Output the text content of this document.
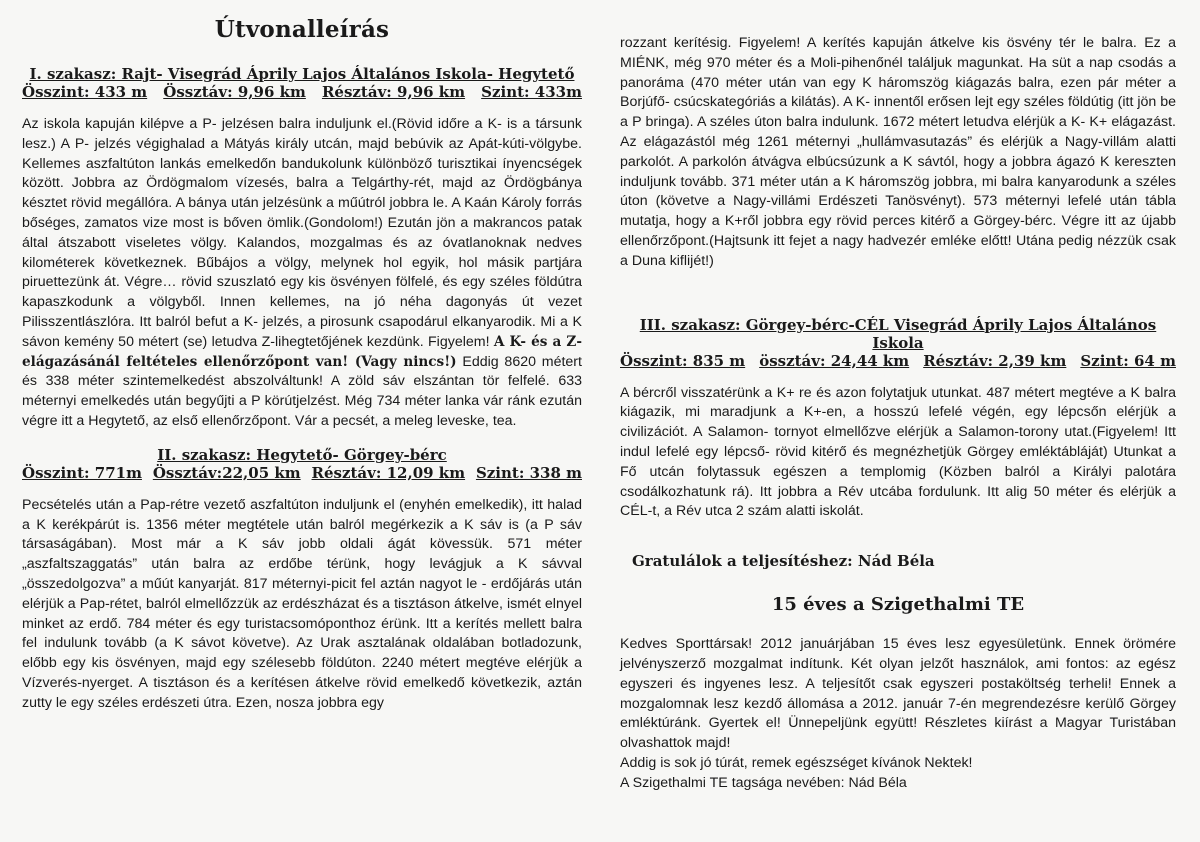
Útvonalleírás
I. szakasz: Rajt- Visegrád Áprily Lajos Általános Iskola- Hegytető
Összint: 433 m Össztáv: 9,96 km Résztáv: 9,96 km Szint: 433m

Az iskola kapuján kilépve a P- jelzésen balra induljunk el.(Rövid időre a K- is a társunk lesz.) A P- jelzés végighalad a Mátyás király utcán, majd bebúvik az Apát-kúti-völgybe. Kellemes aszfaltúton lankás emelkedőn bandukolunk különböző turisztikai ínyencségek között. Jobbra az Ördögmalom vízesés, balra a Telgárthy-rét, majd az Ördögbánya késztet rövid megállóra. A bánya után jelzésünk a műútról jobbra le. A Kaán Károly forrás bőséges, zamatos vize most is bőven ömlik.(Gondolom!) Ezután jön a makrancos patak által átszabott viseletes völgy. Kalandos, mozgalmas és az óvatlanoknak nedves kilométerek következnek. Bűbájos a völgy, melynek hol egyik, hol másik partjára piruettezünk át. Végre… rövid szuszlató egy kis ösvényen fölfelé, és egy széles földútra kapaszkodunk a völgyből. Innen kellemes, na jó néha dagonyás út vezet Pilisszentlászlóra. Itt balról befut a K- jelzés, a pirosunk csapodárul elkanyarodik. Mi a K sávon kemény 50 métert (se) letudva Z-lihegtetőjének kezdünk. Figyelem! A K- és a Z- elágazásánál feltételes ellenőrzőpont van! (Vagy nincs!) Eddig 8620 métert és 338 méter szintemelkedést abszolváltunk! A zöld sáv elszántan tör felfelé. 633 méternyi emelkedés után begyűjti a P körútjelzést. Még 734 méter lanka vár ránk ezután végre itt a Hegytető, az első ellenőrzőpont. Vár a pecsét, a meleg leveske, tea.

II. szakasz: Hegytető- Görgey-bérc
Összint: 771m Össztáv:22,05 km Résztáv: 12,09 km Szint: 338 m

Pecsételés után a Pap-rétre vezető aszfaltúton induljunk el (enyhén emelkedik), itt halad a K kerékpárút is. 1356 méter megtétele után balról megérkezik a K sáv is (a P sáv társaságában). Most már a K sáv jobb oldali ágát kövessük. 571 méter „aszfaltszaggatás” után balra az erdőbe térünk, hogy levágjuk a K sávval „összedolgozva” a műút kanyarját. 817 méternyi-picit fel aztán nagyot le - erdőjárás után elérjük a Pap-rétet, balról elmellőzzük az erdészházat és a tisztáson átkelve, ismét elnyel minket az erdő. 784 méter és egy turistacsomóponthoz érünk. Itt a kerítés mellett balra fel indulunk tovább (a K sávot követve). Az Urak asztalának oldalában botladozunk, előbb egy kis ösvényen, majd egy szélesebb földúton. 2240 métert megtéve elérjük a Vízverés-nyerget. A tisztáson és a kerítésen átkelve rövid emelkedő következik, aztán zutty le egy széles erdészeti útra. Ezen, nosza jobbra egy

rozzant kerítésig. Figyelem! A kerítés kapuján átkelve kis ösvény tér le balra. Ez a MIÉNK, még 970 méter és a Moli-pihenőnél találjuk magunkat. Ha süt a nap csodás a panoráma (470 méter után van egy K háromszög kiágazás balra, ezen pár méter a Borjúfő- csúcskategóriás a kilátás). A K- innentől erősen lejt egy széles földútig (itt jön be a P bringa). A széles úton balra indulunk. 1672 métert letudva elérjük a K- K+ elágazást. Az elágazástól még 1261 méternyi „hullámvasutazás” és elérjük a Nagy-villám alatti parkolót. A parkolón átvágva elbúcsúzunk a K sávtól, hogy a jobbra ágazó K kereszten induljunk tovább. 371 méter után a K háromszög jobbra, mi balra kanyarodunk a széles úton (követve a Nagy-villámi Erdészeti Tanösvényt). 573 méternyi lefelé után tábla mutatja, hogy a K+ről jobbra egy rövid perces kitérő a Görgey-bérc. Végre itt az újabb ellenőrzőpont.(Hajtsunk itt fejet a nagy hadvezér emléke előtt! Utána pedig nézzük csak a Duna kiflijét!)

III. szakasz: Görgey-bérc-CÉL Visegrád Áprily Lajos Általános Iskola
Összint: 835 m össztáv: 24,44 km Résztáv: 2,39 km Szint: 64 m

A bércről visszatérünk a K+ re és azon folytatjuk utunkat. 487 métert megtéve a K balra kiágazik, mi maradjunk a K+-en, a hosszú lefelé végén, egy lépcsőn elérjük a civilizációt. A Salamon- tornyot elmellőzve elérjük a Salamon-torony utat.(Figyelem! Itt indul lefelé egy lépcső- rövid kitérő és megnézhetjük Görgey emléktábláját) Utunkat a Fő utcán folytassuk egészen a templomig (Közben balról a Királyi palotára csodálkozhatunk rá). Itt jobbra a Rév utcába fordulunk. Itt alig 50 méter és elérjük a CÉL-t, a Rév utca 2 szám alatti iskolát.

Gratulálok a teljesítéshez: Nád Béla
15 éves a Szigethalmi TE

Kedves Sporttársak! 2012 januárjában 15 éves lesz egyesületünk. Ennek örömére jelvényszerző mozgalmat indítunk. Két olyan jelzőt használok, ami fontos: az egész egyszeri és ingyenes lesz. A teljesítőt csak egyszeri postaköltség terheli! Ennek a mozgalomnak lesz kezdő állomása a 2012. január 7-én megrendezésre kerülő Görgey emléktúránk. Gyertek el! Ünnepeljünk együtt! Részletes kiírást a Magyar Turistában olvashattok majd!
Addig is sok jó túrát, remek egészséget kívánok Nektek!
A Szigethalmi TE tagsága nevében: Nád Béla
